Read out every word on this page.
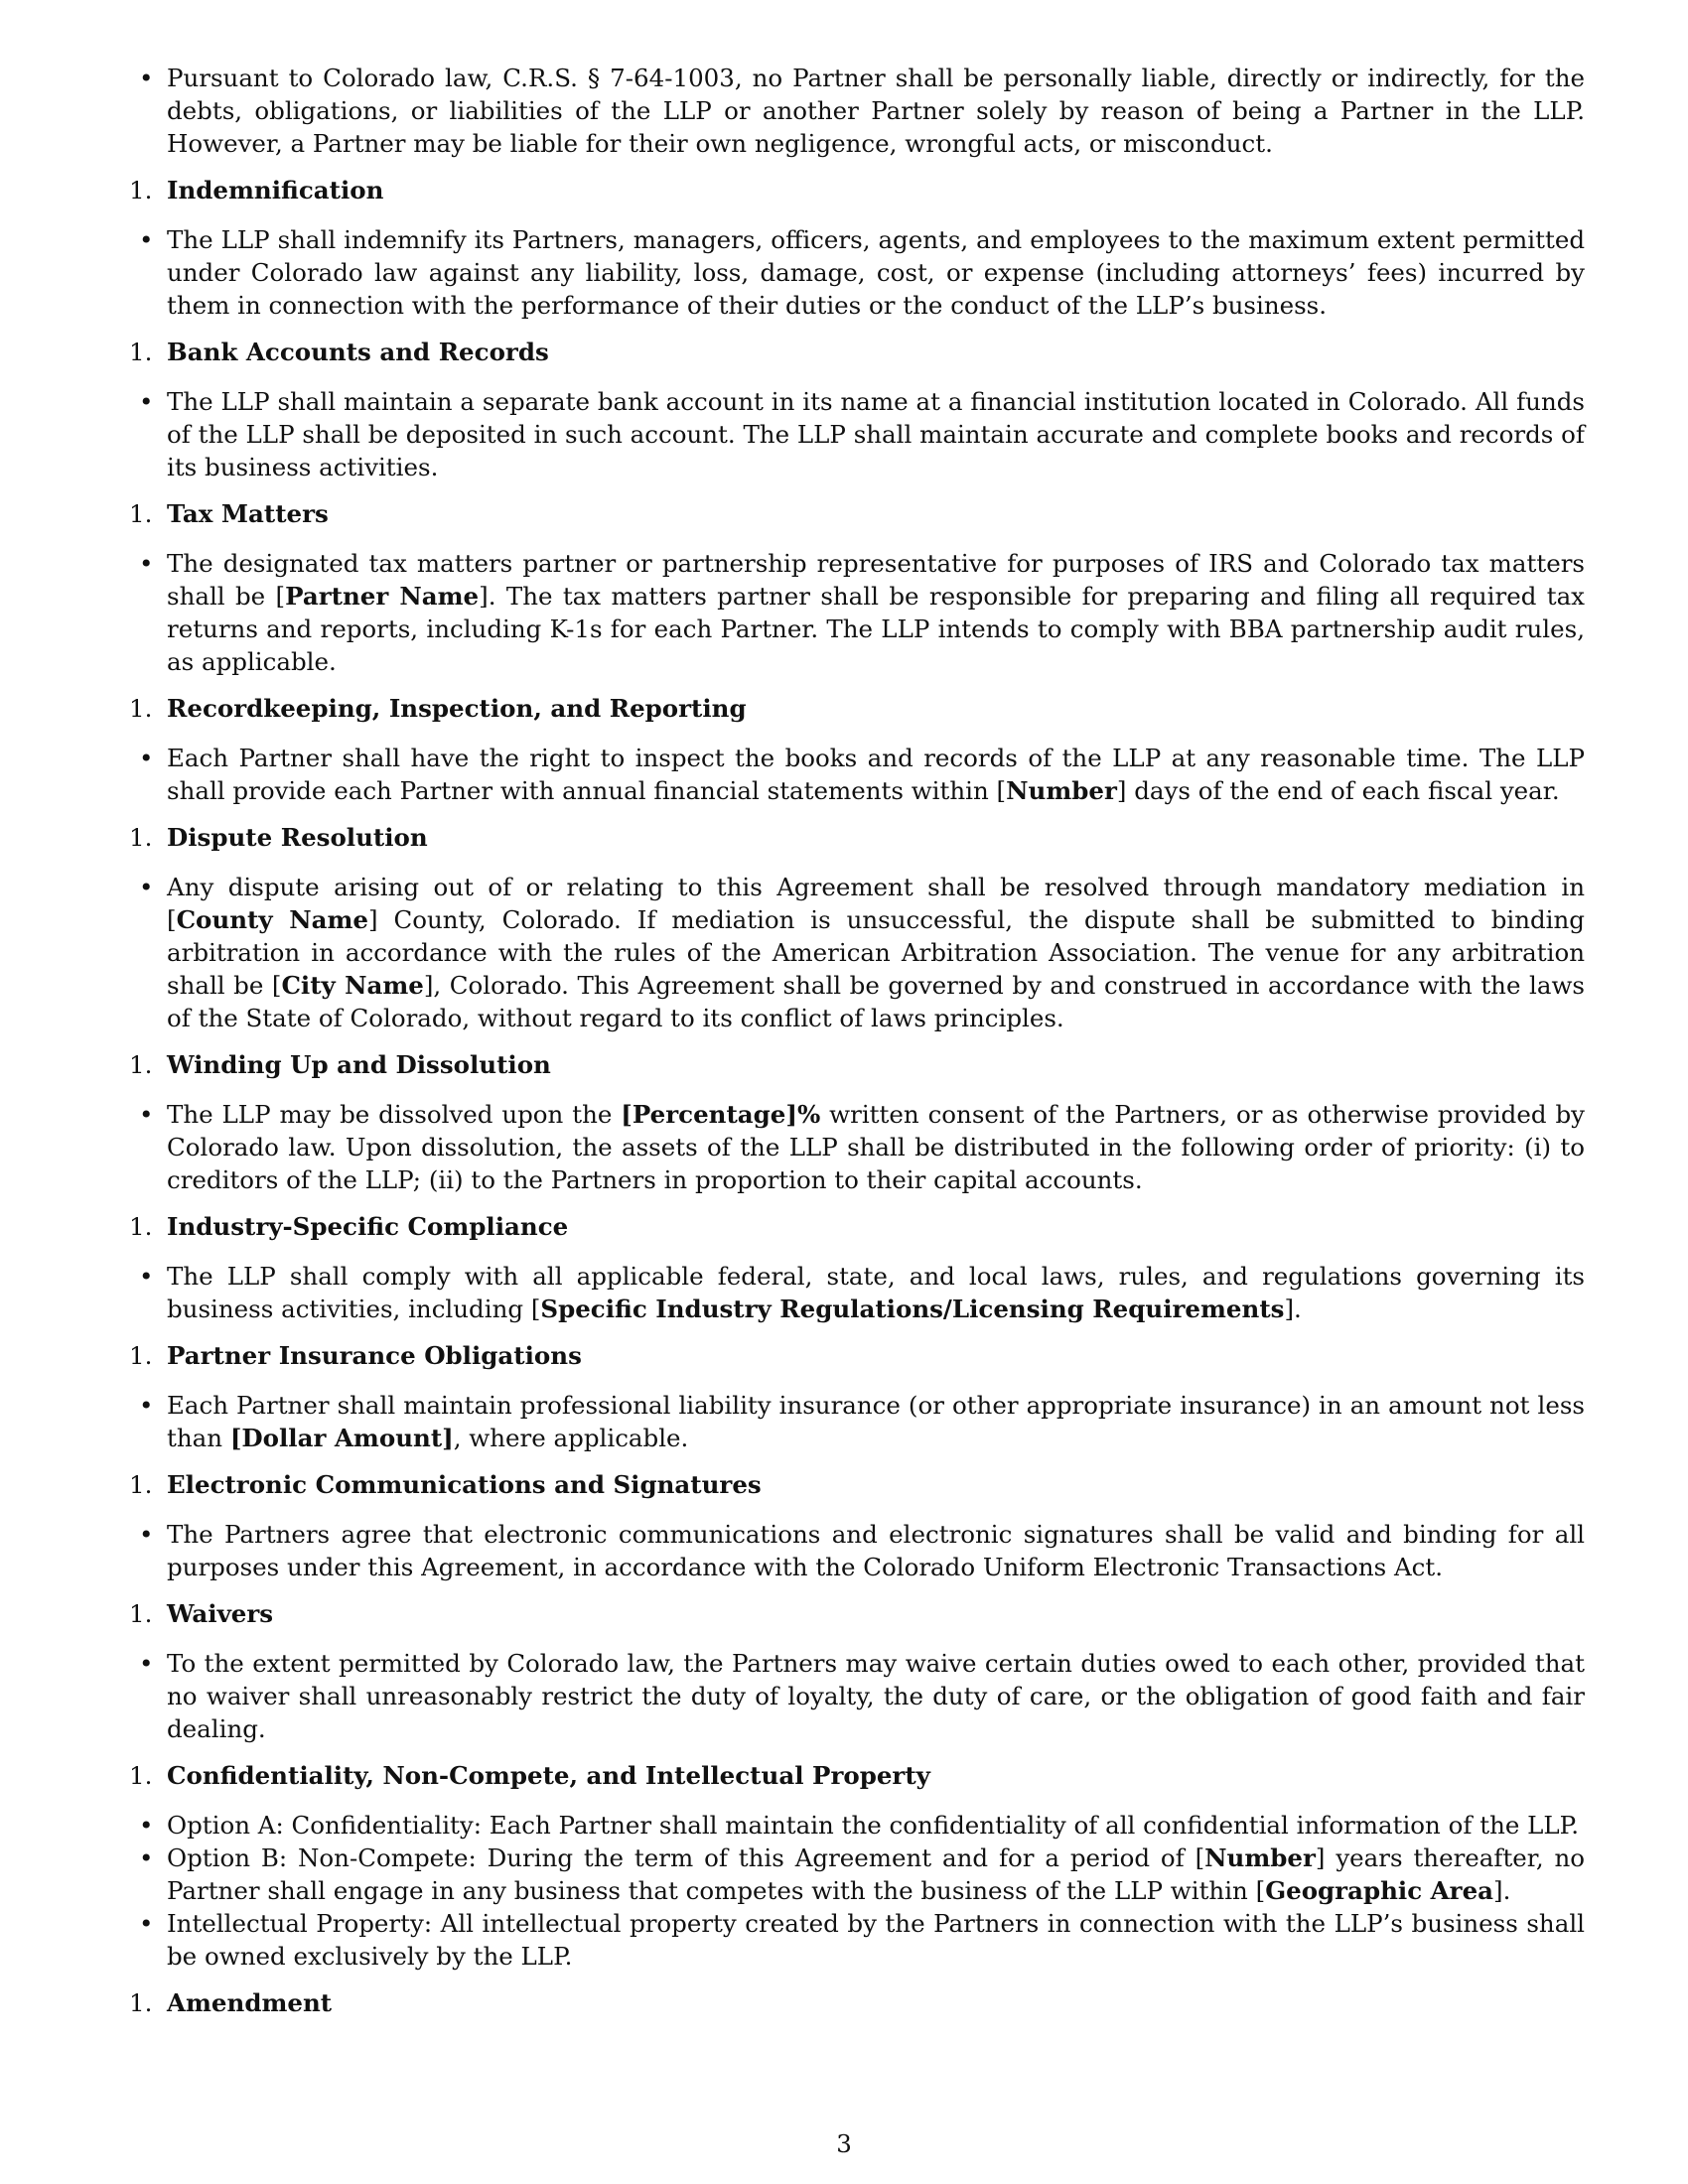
• Pursuant to Colorado law, C.R.S. § 7-64-1003, no Partner shall be personally liable, directly or indirectly, for the debts, obligations, or liabilities of the LLP or another Partner solely by reason of being a Partner in the LLP. However, a Partner may be liable for their own negligence, wrongful acts, or misconduct.
1. Indemnification
• The LLP shall indemnify its Partners, managers, officers, agents, and employees to the maximum extent permitted under Colorado law against any liability, loss, damage, cost, or expense (including attorneys’ fees) incurred by them in connection with the performance of their duties or the conduct of the LLP’s business.
1. Bank Accounts and Records
• The LLP shall maintain a separate bank account in its name at a financial institution located in Colorado. All funds of the LLP shall be deposited in such account. The LLP shall maintain accurate and complete books and records of its business activities.
1. Tax Matters
• The designated tax matters partner or partnership representative for purposes of IRS and Colorado tax matters shall be [Partner Name]. The tax matters partner shall be responsible for preparing and filing all required tax returns and reports, including K-1s for each Partner. The LLP intends to comply with BBA partnership audit rules, as applicable.
1. Recordkeeping, Inspection, and Reporting
• Each Partner shall have the right to inspect the books and records of the LLP at any reasonable time. The LLP shall provide each Partner with annual financial statements within [Number] days of the end of each fiscal year.
1. Dispute Resolution
• Any dispute arising out of or relating to this Agreement shall be resolved through mandatory mediation in [County Name] County, Colorado. If mediation is unsuccessful, the dispute shall be submitted to binding arbitration in accordance with the rules of the American Arbitration Association. The venue for any arbitration shall be [City Name], Colorado. This Agreement shall be governed by and construed in accordance with the laws of the State of Colorado, without regard to its conflict of laws principles.
1. Winding Up and Dissolution
• The LLP may be dissolved upon the [Percentage]% written consent of the Partners, or as otherwise provided by Colorado law. Upon dissolution, the assets of the LLP shall be distributed in the following order of priority: (i) to creditors of the LLP; (ii) to the Partners in proportion to their capital accounts.
1. Industry-Specific Compliance
• The LLP shall comply with all applicable federal, state, and local laws, rules, and regulations governing its business activities, including [Specific Industry Regulations/Licensing Requirements].
1. Partner Insurance Obligations
• Each Partner shall maintain professional liability insurance (or other appropriate insurance) in an amount not less than [Dollar Amount], where applicable.
1. Electronic Communications and Signatures
• The Partners agree that electronic communications and electronic signatures shall be valid and binding for all purposes under this Agreement, in accordance with the Colorado Uniform Electronic Transactions Act.
1. Waivers
• To the extent permitted by Colorado law, the Partners may waive certain duties owed to each other, provided that no waiver shall unreasonably restrict the duty of loyalty, the duty of care, or the obligation of good faith and fair dealing.
1. Confidentiality, Non-Compete, and Intellectual Property
• Option A: Confidentiality: Each Partner shall maintain the confidentiality of all confidential information of the LLP.
• Option B: Non-Compete: During the term of this Agreement and for a period of [Number] years thereafter, no Partner shall engage in any business that competes with the business of the LLP within [Geographic Area].
• Intellectual Property: All intellectual property created by the Partners in connection with the LLP’s business shall be owned exclusively by the LLP.
1. Amendment
3
